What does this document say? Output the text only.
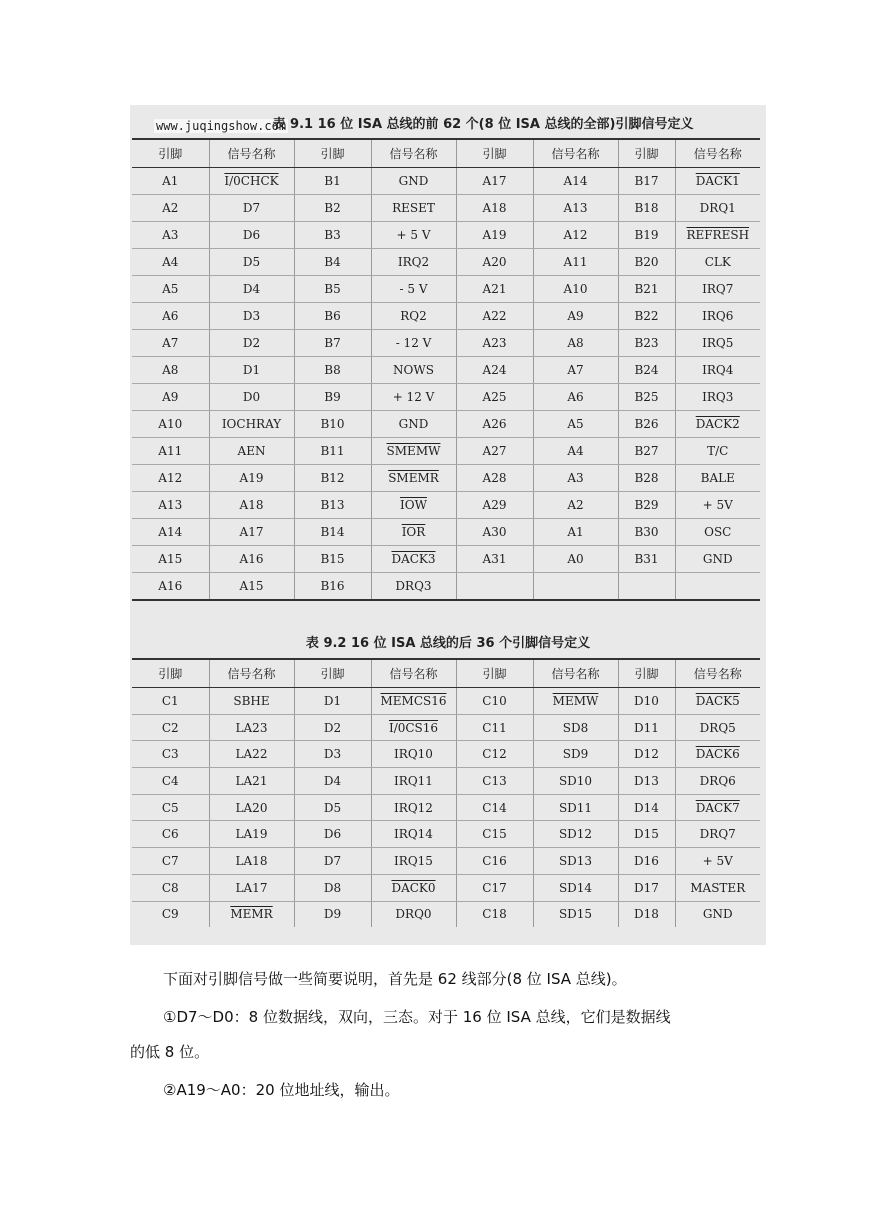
www.juqingshow.com
表 9.1 16 位 ISA 总线的前 62 个(8 位 ISA 总线的全部)引脚信号定义
引脚	信号名称	引脚	信号名称	引脚	信号名称	引脚	信号名称
A1	I/0CHCK	B1	GND	A17	A14	B17	DACK1
A2	D7	B2	RESET	A18	A13	B18	DRQ1
A3	D6	B3	+ 5 V	A19	A12	B19	REFRESH
A4	D5	B4	IRQ2	A20	A11	B20	CLK
A5	D4	B5	- 5 V	A21	A10	B21	IRQ7
A6	D3	B6	RQ2	A22	A9	B22	IRQ6
A7	D2	B7	- 12 V	A23	A8	B23	IRQ5
A8	D1	B8	NOWS	A24	A7	B24	IRQ4
A9	D0	B9	+ 12 V	A25	A6	B25	IRQ3
A10	IOCHRAY	B10	GND	A26	A5	B26	DACK2
A11	AEN	B11	SMEMW	A27	A4	B27	T/C
A12	A19	B12	SMEMR	A28	A3	B28	BALE
A13	A18	B13	$\overline{IOW}$	A29	A2	B29	+ 5V
A14	A17	B14	$\overline{IOR}$	A30	A1	B30	OSC
A15	A16	B15	DACK3	A31	A0	B31	GND
A16	A15	B16	DRQ3				
表 9.2 16 位 ISA 总线的后 36 个引脚信号定义
引脚	信号名称	引脚	信号名称	引脚	信号名称	引脚	信号名称
C1	SBHE	D1	MEMCS16	C10	MEMW	D10	DACK5
C2	LA23	D2	I/0CS16	C11	SD8	D11	DRQ5
C3	LA22	D3	IRQ10	C12	SD9	D12	DACK6
C4	LA21	D4	IRQ11	C13	SD10	D13	DRQ6
C5	LA20	D5	IRQ12	C14	SD11	D14	DACK7
C6	LA19	D6	IRQ14	C15	SD12	D15	DRQ7
C7	LA18	D7	IRQ15	C16	SD13	D16	+ 5V
C8	LA17	D8	DACK0	C17	SD14	D17	MASTER
C9	MEMR	D9	DRQ0	C18	SD15	D18	GND
下面对引脚信号做一些简要说明，首先是 62 线部分(8 位 ISA 总线)。
①D7～D0：8 位数据线，双向，三态。对于 16 位 ISA 总线，它们是数据线
的低 8 位。
②A19～A0：20 位地址线，输出。
